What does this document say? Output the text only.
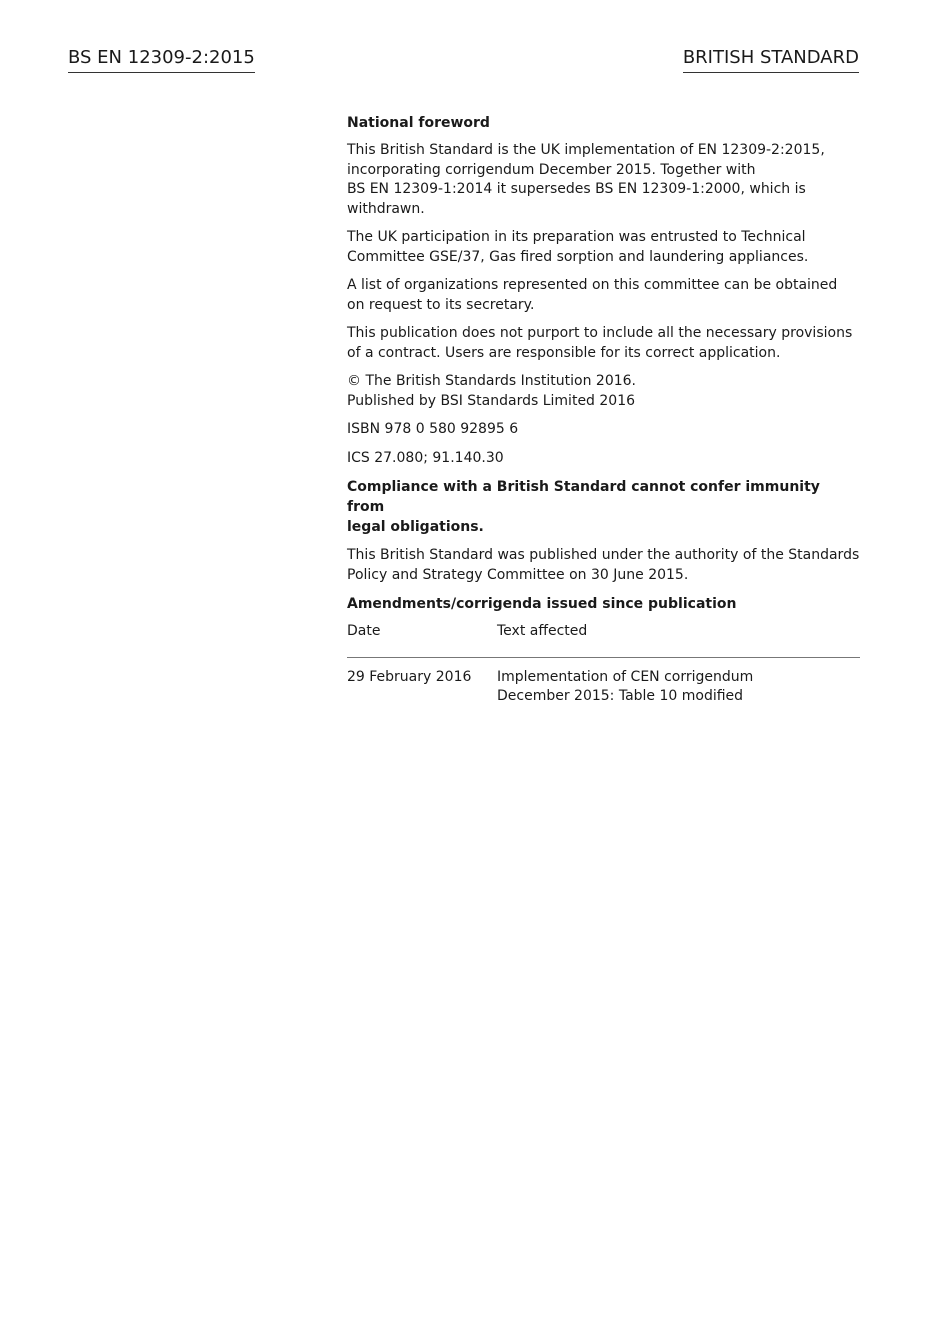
BS EN 12309-2:2015	BRITISH STANDARD
National foreword

This British Standard is the UK implementation of EN 12309-2:2015,
incorporating corrigendum December 2015. Together with
BS EN 12309-1:2014 it supersedes BS EN 12309-1:2000, which is
withdrawn.

The UK participation in its preparation was entrusted to Technical
Committee GSE/37, Gas fired sorption and laundering appliances.

A list of organizations represented on this committee can be obtained
on request to its secretary.

This publication does not purport to include all the necessary provisions
of a contract. Users are responsible for its correct application.

© The British Standards Institution 2016.
Published by BSI Standards Limited 2016

ISBN 978 0 580 92895 6

ICS 27.080; 91.140.30

Compliance with a British Standard cannot confer immunity from
legal obligations.

This British Standard was published under the authority of the Standards
Policy and Strategy Committee on 30 June 2015.

Amendments/corrigenda issued since publication
Date	Text affected
29 February 2016	Implementation of CEN corrigendum
December 2015: Table 10 modified
